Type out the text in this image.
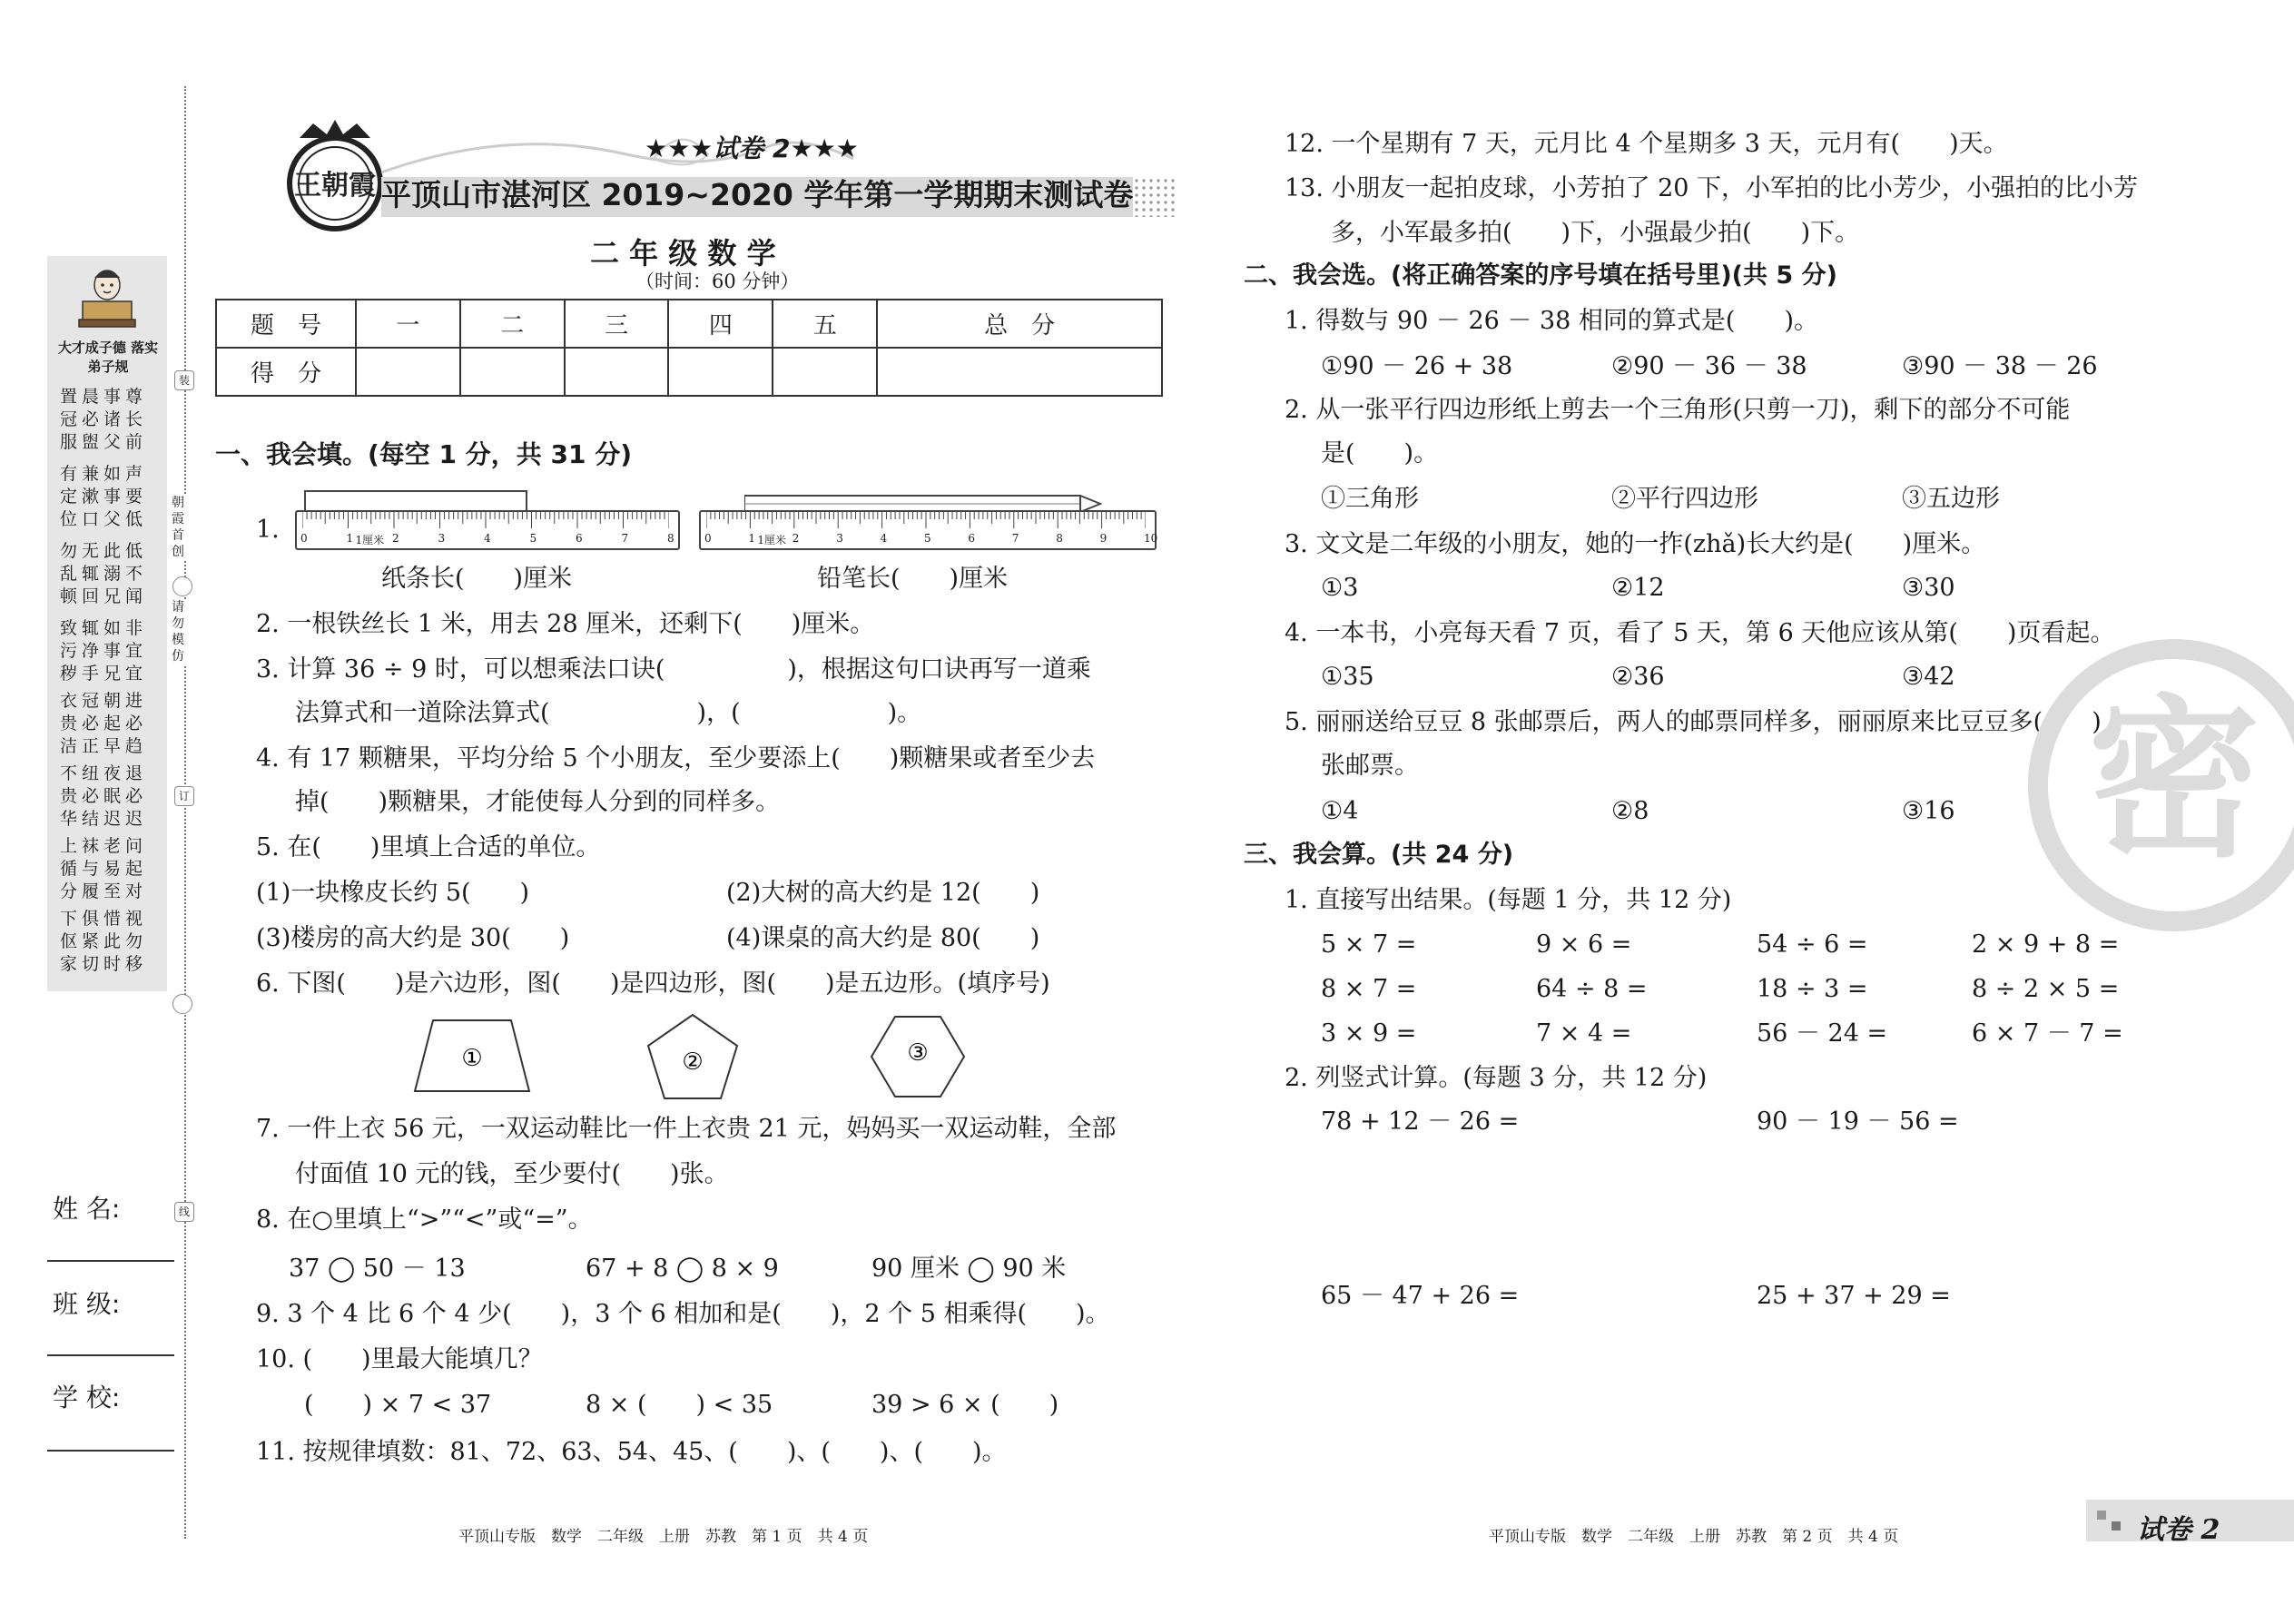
朝霞首创
请勿模仿
装
订
线
大才成子德 落实弟子规
置晨事尊
冠必诸长
服盥父前
有兼如声
定漱事要
位口父低
勿无此低
乱辄溺不
顿回兄闻
致辄如非
污净事宜
秽手兄宜
衣冠朝进
贵必起必
洁正早趋
不纽夜退
贵必眠必
华结迟迟
上袜老问
循与易起
分履至对
下俱惜视
伛紧此勿
家切时移
姓 名:
班 级:
学 校:
王朝霞
★★★试卷 2★★★
平顶山市湛河区 2019~2020 学年第一学期期末测试卷
二 年 级 数 学
（时间：60 分钟）
题　号	一	二	三	四	五	总　分
得　分						
一、我会填。(每空 1 分，共 31 分)
1. 0	1	2	3	4	5	6	7	8
1厘米	0	1	2	3	4	5	6	7	8	9	10
1厘米
纸条长(　　)厘米	铅笔长(　　)厘米
2. 一根铁丝长 1 米，用去 28 厘米，还剩下(　　)厘米。
3. 计算 36 ÷ 9 时，可以想乘法口诀(　　　　　)，根据这句口诀再写一道乘
法算式和一道除法算式(　　　　　　)，(　　　　　　)。
4. 有 17 颗糖果，平均分给 5 个小朋友，至少要添上(　　)颗糖果或者至少去
掉(　　)颗糖果，才能使每人分到的同样多。
5. 在(　　)里填上合适的单位。
(1)一块橡皮长约 5(　　)	(2)大树的高大约是 12(　　)
(3)楼房的高大约是 30(　　)	(4)课桌的高大约是 80(　　)
6. 下图(　　)是六边形，图(　　)是四边形，图(　　)是五边形。(填序号)
①	②	③
7. 一件上衣 56 元，一双运动鞋比一件上衣贵 21 元，妈妈买一双运动鞋，全部
付面值 10 元的钱，至少要付(　　)张。
8. 在○里填上“>”“<”或“=”。
37 ◯ 50 － 13	67 + 8 ◯ 8 × 9	90 厘米 ◯ 90 米
9. 3 个 4 比 6 个 4 少(　　)，3 个 6 相加和是(　　)，2 个 5 相乘得(　　)。
10. (　　)里最大能填几？
(　　) × 7 < 37	8 × (　　) < 35	39 > 6 × (　　)
11. 按规律填数：81、72、63、54、45、(　　)、(　　)、(　　)。
平顶山专版　数学　二年级　上册　苏教　第 1 页　共 4 页
12. 一个星期有 7 天，元月比 4 个星期多 3 天，元月有(　　)天。
13. 小朋友一起拍皮球，小芳拍了 20 下，小军拍的比小芳少，小强拍的比小芳
多，小军最多拍(　　)下，小强最少拍(　　)下。
二、我会选。(将正确答案的序号填在括号里)(共 5 分)
1. 得数与 90 － 26 － 38 相同的算式是(　　)。
①90 － 26 + 38	②90 － 36 － 38	③90 － 38 － 26
2. 从一张平行四边形纸上剪去一个三角形(只剪一刀)，剩下的部分不可能
是(　　)。
①三角形	②平行四边形	③五边形
3. 文文是二年级的小朋友，她的一拃(zhǎ)长大约是(　　)厘米。
①3	②12	③30
4. 一本书，小亮每天看 7 页，看了 5 天，第 6 天他应该从第(　　)页看起。
①35	②36	③42
5. 丽丽送给豆豆 8 张邮票后，两人的邮票同样多，丽丽原来比豆豆多(　　)
张邮票。
①4	②8	③16
三、我会算。(共 24 分)
1. 直接写出结果。(每题 1 分，共 12 分)
5 × 7 =	9 × 6 =	54 ÷ 6 =	2 × 9 + 8 =
8 × 7 =	64 ÷ 8 =	18 ÷ 3 =	8 ÷ 2 × 5 =
3 × 9 =	7 × 4 =	56 － 24 =	6 × 7 － 7 =
2. 列竖式计算。(每题 3 分，共 12 分)
78 + 12 － 26 =	90 － 19 － 56 =
65 － 47 + 26 =	25 + 37 + 29 =
密
平顶山专版　数学　二年级　上册　苏教　第 2 页　共 4 页	试卷 2
